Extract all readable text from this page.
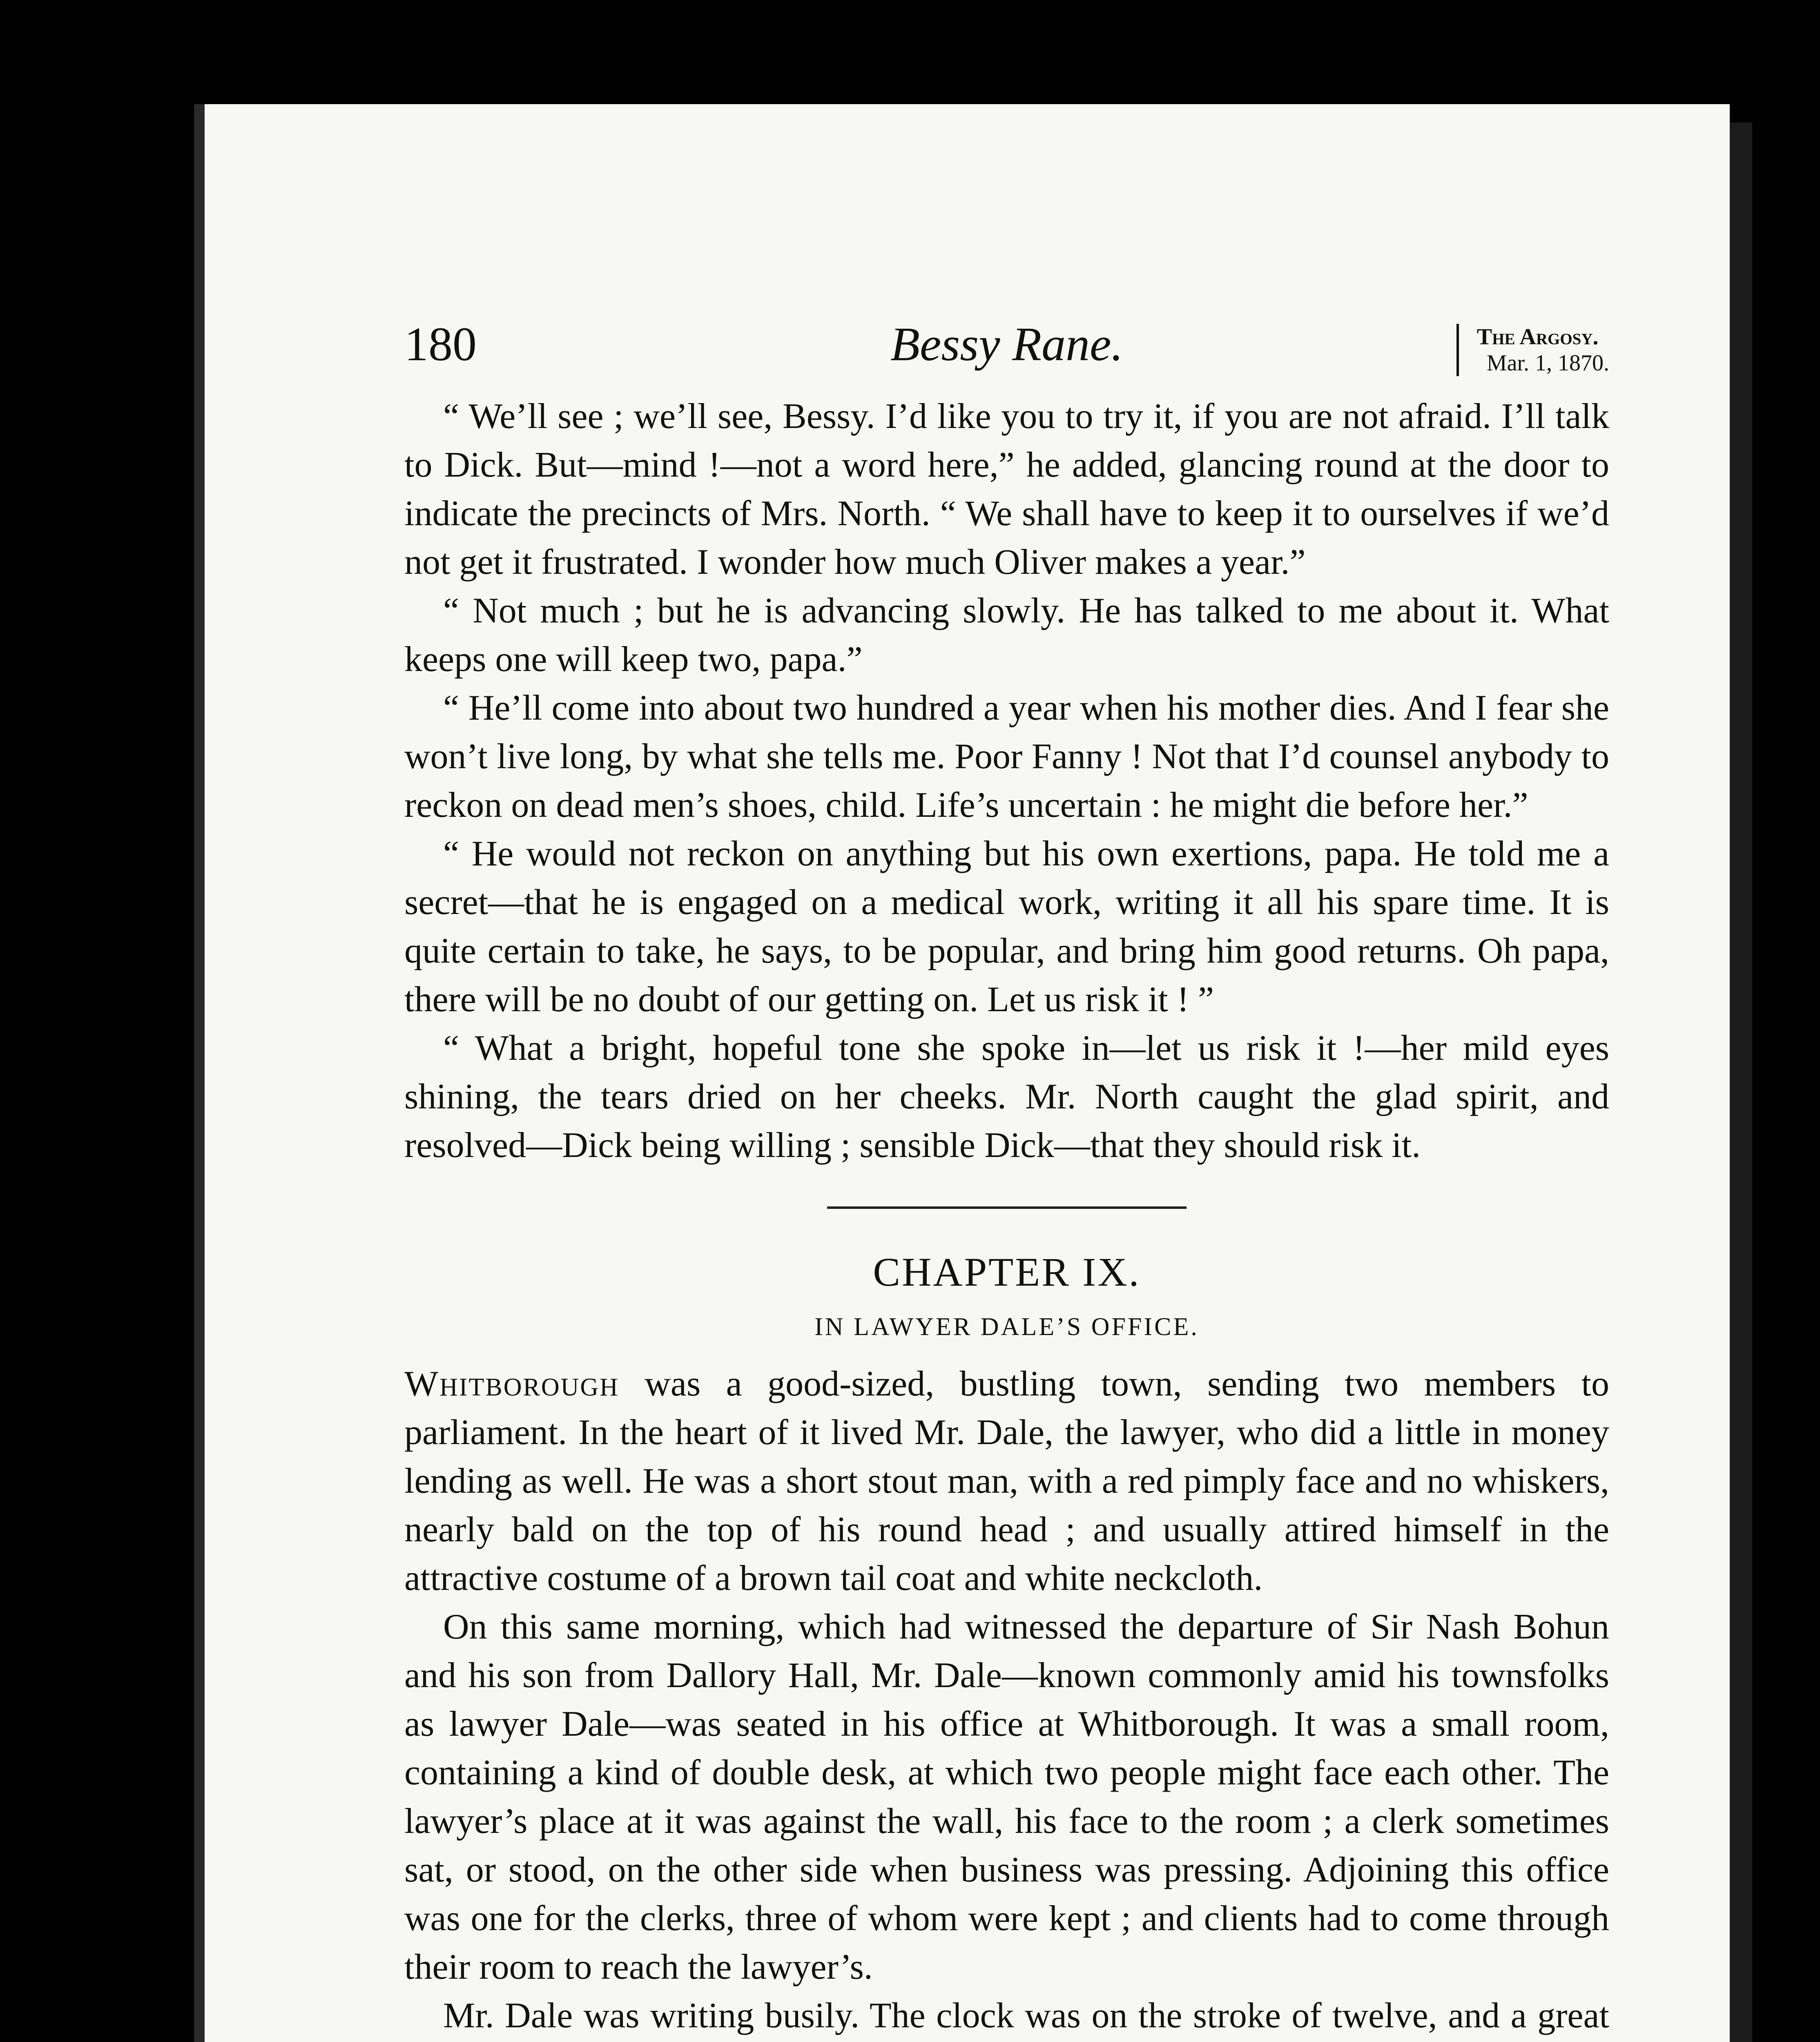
180	Bessy Rane.	The Argosy.
Mar. 1, 1870.

“ We’ll see ; we’ll see, Bessy. I’d like you to try it, if you are not afraid. I’ll talk to Dick. But—mind !—not a word here,” he added, glancing round at the door to indicate the precincts of Mrs. North. “ We shall have to keep it to ourselves if we’d not get it frustrated. I wonder how much Oliver makes a year.”

“ Not much ; but he is advancing slowly. He has talked to me about it. What keeps one will keep two, papa.”

“ He’ll come into about two hundred a year when his mother dies. And I fear she won’t live long, by what she tells me. Poor Fanny ! Not that I’d counsel anybody to reckon on dead men’s shoes, child. Life’s uncertain : he might die before her.”

“ He would not reckon on anything but his own exertions, papa. He told me a secret—that he is engaged on a medical work, writing it all his spare time. It is quite certain to take, he says, to be popular, and bring him good returns. Oh papa, there will be no doubt of our getting on. Let us risk it ! ”

“ What a bright, hopeful tone she spoke in—let us risk it !—her mild eyes shining, the tears dried on her cheeks. Mr. North caught the glad spirit, and resolved—Dick being willing ; sensible Dick—that they should risk it.

CHAPTER IX.
IN LAWYER DALE’S OFFICE.

Whitborough was a good-sized, bustling town, sending two members to parliament. In the heart of it lived Mr. Dale, the lawyer, who did a little in money lending as well. He was a short stout man, with a red pimply face and no whiskers, nearly bald on the top of his round head ; and usually attired himself in the attractive costume of a brown tail coat and white neckcloth.

On this same morning, which had witnessed the departure of Sir Nash Bohun and his son from Dallory Hall, Mr. Dale—known commonly amid his townsfolks as lawyer Dale—was seated in his office at Whitborough. It was a small room, containing a kind of double desk, at which two people might face each other. The lawyer’s place at it was against the wall, his face to the room ; a clerk sometimes sat, or stood, on the other side when business was pressing. Adjoining this office was one for the clerks, three of whom were kept ; and clients had to come through their room to reach the lawyer’s.

Mr. Dale was writing busily. The clock was on the stroke of twelve, and a great
